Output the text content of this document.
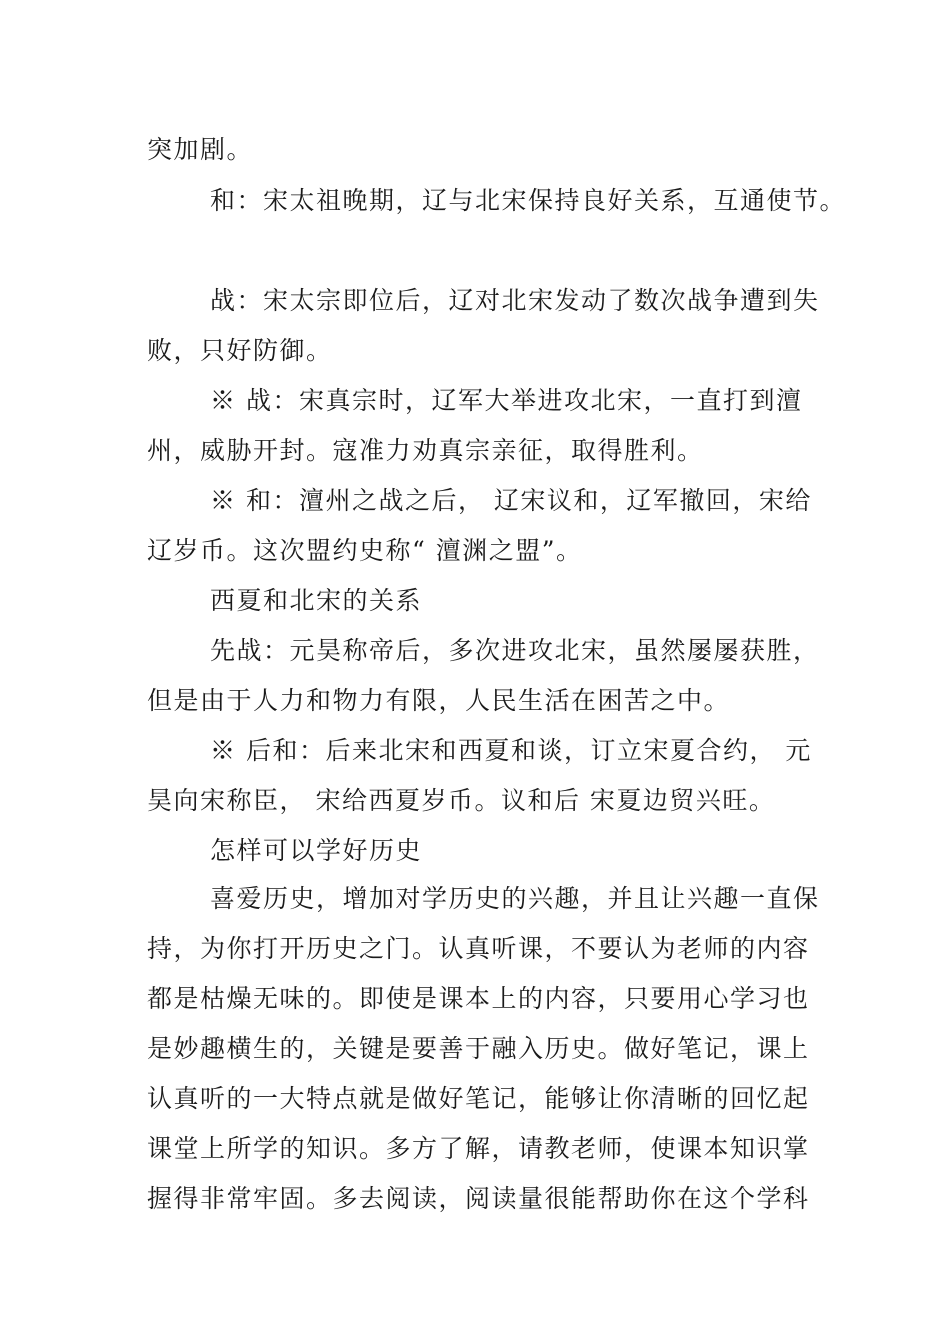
突加剧。
和：宋太祖晚期，辽与北宋保持良好关系，互通使节。
战：宋太宗即位后，辽对北宋发动了数次战争遭到失
败，只好防御。
※ 战：宋真宗时，辽军大举进攻北宋，一直打到澶
州，威胁开封。寇准力劝真宗亲征，取得胜利。
※ 和：澶州之战之后， 辽宋议和，辽军撤回，宋给
辽岁币。这次盟约史称“ 澶渊之盟”。
西夏和北宋的关系
先战：元昊称帝后，多次进攻北宋，虽然屡屡获胜，
但是由于人力和物力有限，人民生活在困苦之中。
※ 后和：后来北宋和西夏和谈，订立宋夏合约， 元
昊向宋称臣， 宋给西夏岁币。议和后 宋夏边贸兴旺。
怎样可以学好历史
喜爱历史，增加对学历史的兴趣，并且让兴趣一直保
持，为你打开历史之门。认真听课，不要认为老师的内容
都是枯燥无味的。即使是课本上的内容，只要用心学习也
是妙趣横生的，关键是要善于融入历史。做好笔记，课上
认真听的一大特点就是做好笔记，能够让你清晰的回忆起
课堂上所学的知识。多方了解，请教老师，使课本知识掌
握得非常牢固。多去阅读，阅读量很能帮助你在这个学科
